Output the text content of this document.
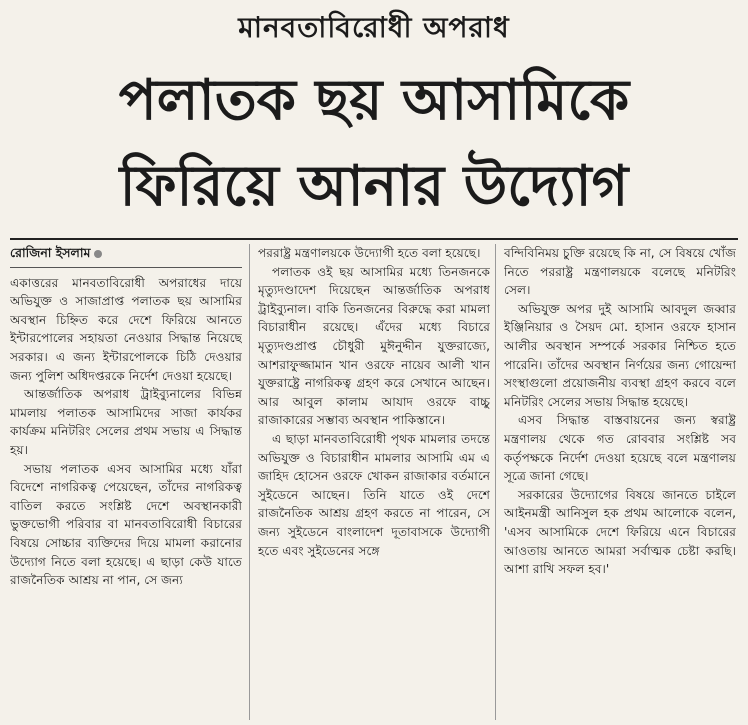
মানবতাবিরোধী অপরাধ
পলাতক ছয় আসামিকে
ফিরিয়ে আনার উদ্যোগ
রোজিনা ইসলাম

একাত্তরের মানবতাবিরোধী অপরাধের দায়ে অভিযুক্ত ও সাজাপ্রাপ্ত পলাতক ছয় আসামির অবস্থান চিহ্নিত করে দেশে ফিরিয়ে আনতে ইন্টারপোলের সহায়তা নেওয়ার সিদ্ধান্ত নিয়েছে সরকার। এ জন্য ইন্টারপোলকে চিঠি দেওয়ার জন্য পুলিশ অধিদপ্তরকে নির্দেশ দেওয়া হয়েছে।

আন্তর্জাতিক অপরাধ ট্রাইব্যুনালের বিভিন্ন মামলায় পলাতক আসামিদের সাজা কার্যকর কার্যক্রম মনিটরিং সেলের প্রথম সভায় এ সিদ্ধান্ত হয়।

সভায় পলাতক এসব আসামির মধ্যে যাঁরা বিদেশে নাগরিকত্ব পেয়েছেন, তাঁদের নাগরিকত্ব বাতিল করতে সংশ্লিষ্ট দেশে অবস্থানকারী ভুক্তভোগী পরিবার বা মানবতাবিরোধী বিচারের বিষয়ে সোচ্চার ব্যক্তিদের দিয়ে মামলা করানোর উদ্যোগ নিতে বলা হয়েছে। এ ছাড়া কেউ যাতে রাজনৈতিক আশ্রয় না পান, সে জন্য

পররাষ্ট্র মন্ত্রণালয়কে উদ্যোগী হতে বলা হয়েছে।

পলাতক ওই ছয় আসামির মধ্যে তিনজনকে মৃত্যুদণ্ডাদেশ দিয়েছেন আন্তর্জাতিক অপরাধ ট্রাইব্যুনাল। বাকি তিনজনের বিরুদ্ধে করা মামলা বিচারাধীন রয়েছে। এঁদের মধ্যে বিচারে মৃত্যুদণ্ডপ্রাপ্ত চৌধুরী মুঈনুদ্দীন যুক্তরাজ্যে, আশরাফুজ্জামান খান ওরফে নায়েব আলী খান যুক্তরাষ্ট্রে নাগরিকত্ব গ্রহণ করে সেখানে আছেন। আর আবুল কালাম আযাদ ওরফে বাচ্চু রাজাকারের সম্ভাব্য অবস্থান পাকিস্তানে।

এ ছাড়া মানবতাবিরোধী পৃথক মামলার তদন্তে অভিযুক্ত ও বিচারাধীন মামলার আসামি এম এ জাহিদ হোসেন ওরফে খোকন রাজাকার বর্তমানে সুইডেনে আছেন। তিনি যাতে ওই দেশে রাজনৈতিক আশ্রয় গ্রহণ করতে না পারেন, সে জন্য সুইডেনে বাংলাদেশ দূতাবাসকে উদ্যোগী হতে এবং সুইডেনের সঙ্গে

বন্দিবিনিময় চুক্তি রয়েছে কি না, সে বিষয়ে খোঁজ নিতে পররাষ্ট্র মন্ত্রণালয়কে বলেছে মনিটরিং সেল।

অভিযুক্ত অপর দুই আসামি আবদুল জব্বার ইঞ্জিনিয়ার ও সৈয়দ মো. হাসান ওরফে হাসান আলীর অবস্থান সম্পর্কে সরকার নিশ্চিত হতে পারেনি। তাঁদের অবস্থান নির্ণয়ের জন্য গোয়েন্দা সংস্থাগুলো প্রয়োজনীয় ব্যবস্থা গ্রহণ করবে বলে মনিটরিং সেলের সভায় সিদ্ধান্ত হয়েছে।

এসব সিদ্ধান্ত বাস্তবায়নের জন্য স্বরাষ্ট্র মন্ত্রণালয় থেকে গত রোববার সংশ্লিষ্ট সব কর্তৃপক্ষকে নির্দেশ দেওয়া হয়েছে বলে মন্ত্রণালয় সূত্রে জানা গেছে।

সরকারের উদ্যোগের বিষয়ে জানতে চাইলে আইনমন্ত্রী আনিসুল হক প্রথম আলোকে বলেন, 'এসব আসামিকে দেশে ফিরিয়ে এনে বিচারের আওতায় আনতে আমরা সর্বাত্মক চেষ্টা করছি। আশা রাখি সফল হব।'
